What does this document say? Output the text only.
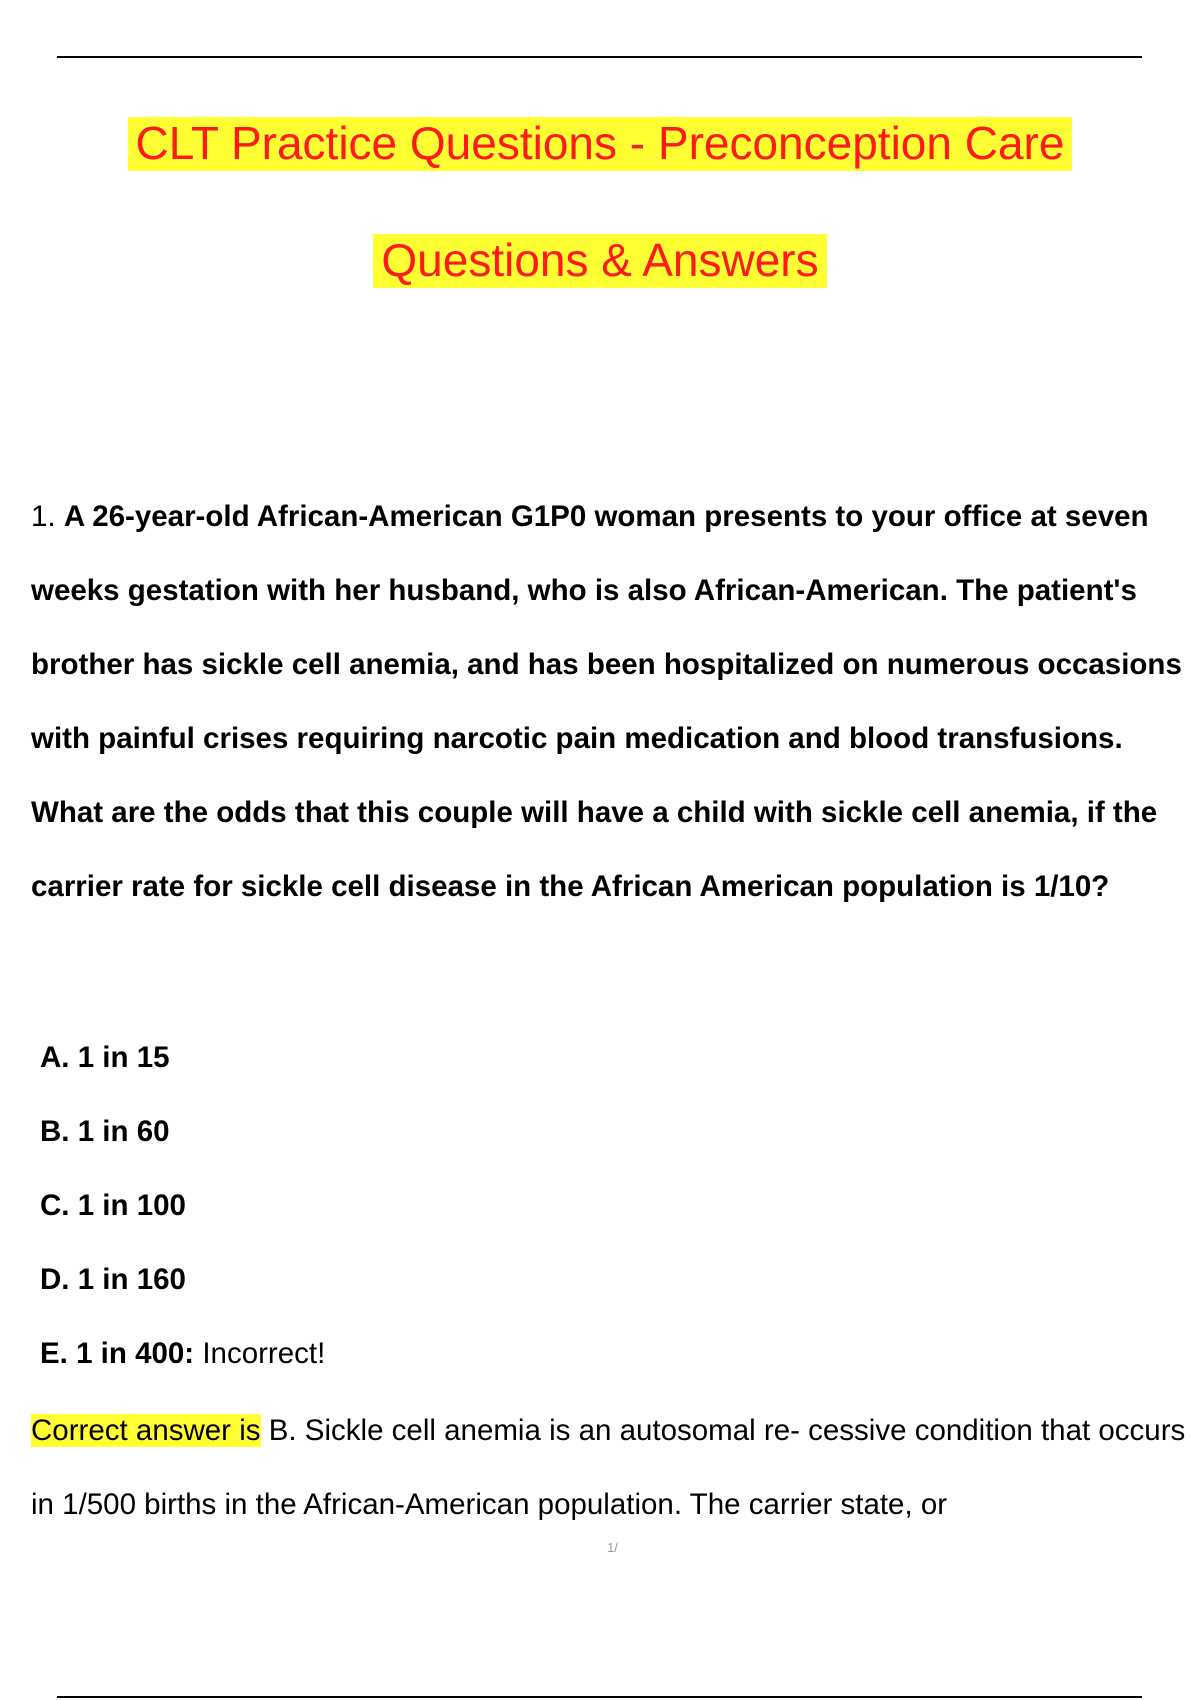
CLT Practice Questions - Preconception Care
Questions & Answers
1. A 26-year-old African-American G1P0 woman presents to your office at seven weeks gestation with her husband, who is also African-American. The patient's brother has sickle cell anemia, and has been hospitalized on numerous occasions with painful crises requiring narcotic pain medication and blood transfusions. What are the odds that this couple will have a child with sickle cell anemia, if the carrier rate for sickle cell disease in the African American population is 1/10?
A. 1 in 15
B. 1 in 60
C. 1 in 100
D. 1 in 160
E. 1 in 400: Incorrect!
Correct answer is B. Sickle cell anemia is an autosomal re- cessive condition that occurs in 1/500 births in the African-American population. The carrier state, or
1/
